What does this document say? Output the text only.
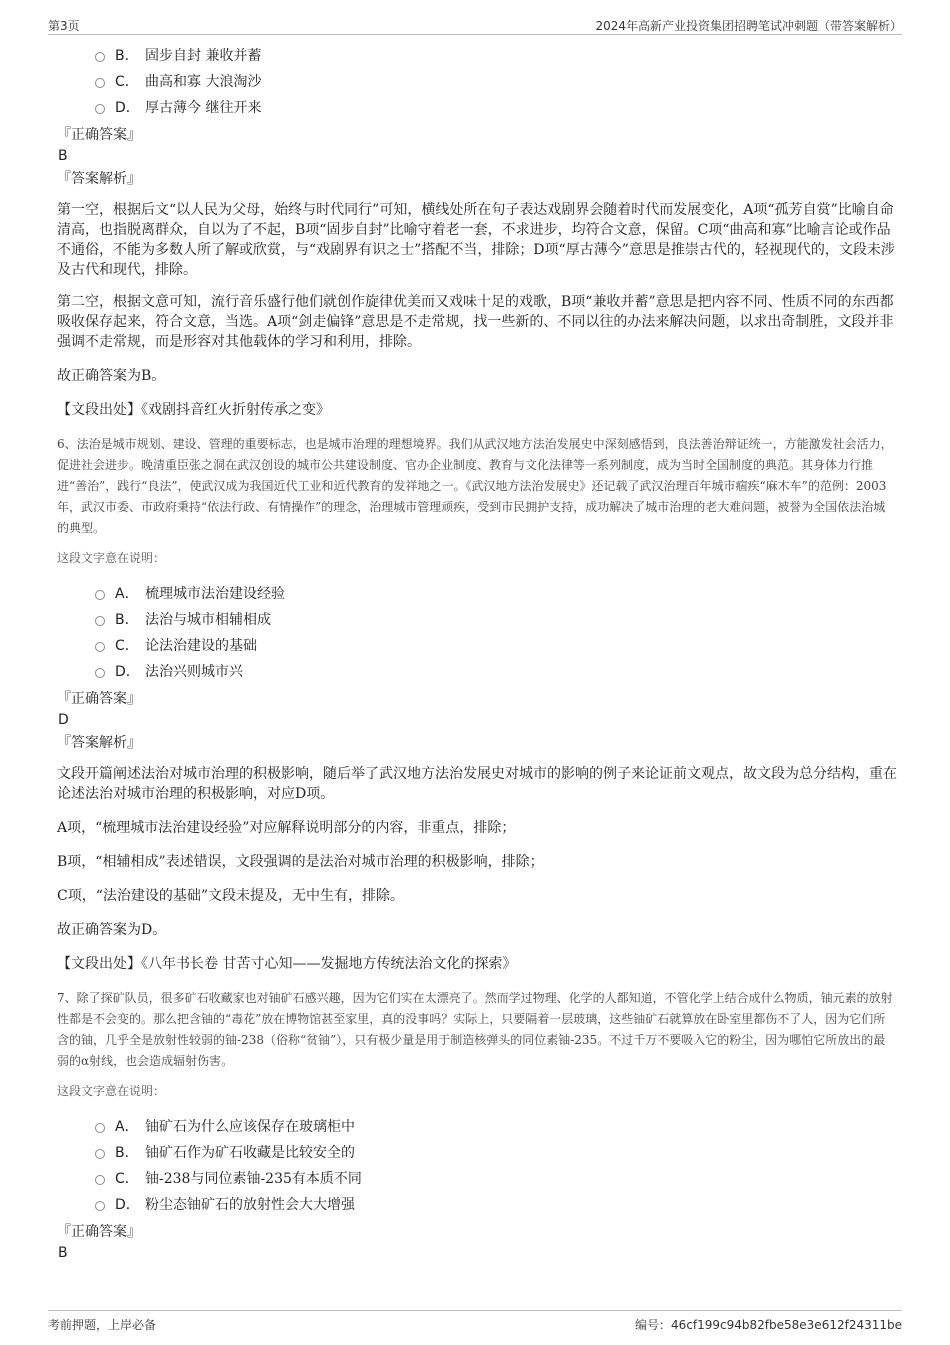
第3页	2024年高新产业投资集团招聘笔试冲刺题（带答案解析）
B． 固步自封 兼收并蓄
C． 曲高和寡 大浪淘沙
D． 厚古薄今 继往开来
『正确答案』
B
『答案解析』

第一空，根据后文“以人民为父母，始终与时代同行”可知，横线处所在句子表达戏剧界会随着时代而发展变化，A项“孤芳自赏”比喻自命清高，也指脱离群众，自以为了不起，B项“固步自封”比喻守着老一套，不求进步，均符合文意，保留。C项“曲高和寡”比喻言论或作品不通俗，不能为多数人所了解或欣赏，与“戏剧界有识之士”搭配不当，排除；D项“厚古薄今”意思是推崇古代的，轻视现代的，文段未涉及古代和现代，排除。

第二空，根据文意可知，流行音乐盛行他们就创作旋律优美而又戏味十足的戏歌，B项“兼收并蓄”意思是把内容不同、性质不同的东西都吸收保存起来，符合文意，当选。A项“剑走偏锋”意思是不走常规，找一些新的、不同以往的办法来解决问题，以求出奇制胜，文段并非强调不走常规，而是形容对其他载体的学习和利用，排除。

故正确答案为B。

【文段出处】《戏剧抖音红火折射传承之变》

6、法治是城市规划、建设、管理的重要标志，也是城市治理的理想境界。我们从武汉地方法治发展史中深刻感悟到，良法善治辩证统一，方能激发社会活力，促进社会进步。晚清重臣张之洞在武汉创设的城市公共建设制度、官办企业制度、教育与文化法律等一系列制度，成为当时全国制度的典范。其身体力行推进“善治”，践行“良法”，使武汉成为我国近代工业和近代教育的发祥地之一。《武汉地方法治发展史》还记载了武汉治理百年城市痼疾“麻木车”的范例：2003年，武汉市委、市政府秉持“依法行政、有情操作”的理念，治理城市管理顽疾，受到市民拥护支持，成功解决了城市治理的老大难问题，被誉为全国依法治城的典型。
这段文字意在说明：
A． 梳理城市法治建设经验
B． 法治与城市相辅相成
C． 论法治建设的基础
D． 法治兴则城市兴
『正确答案』
D
『答案解析』

文段开篇阐述法治对城市治理的积极影响，随后举了武汉地方法治发展史对城市的影响的例子来论证前文观点，故文段为总分结构，重在论述法治对城市治理的积极影响，对应D项。

A项，“梳理城市法治建设经验”对应解释说明部分的内容，非重点，排除；

B项，“相辅相成”表述错误，文段强调的是法治对城市治理的积极影响，排除；

C项，“法治建设的基础”文段未提及，无中生有，排除。

故正确答案为D。

【文段出处】《八年书长卷 甘苦寸心知——发掘地方传统法治文化的探索》

7、除了探矿队员，很多矿石收藏家也对铀矿石感兴趣，因为它们实在太漂亮了。然而学过物理、化学的人都知道，不管化学上结合成什么物质，铀元素的放射性都是不会变的。那么把含铀的“毒花”放在博物馆甚至家里，真的没事吗？实际上，只要隔着一层玻璃，这些铀矿石就算放在卧室里都伤不了人，因为它们所含的铀，几乎全是放射性较弱的铀-238（俗称“贫铀”），只有极少量是用于制造核弹头的同位素铀-235。不过千万不要吸入它的粉尘，因为哪怕它所放出的最弱的α射线，也会造成辐射伤害。
这段文字意在说明：
A． 铀矿石为什么应该保存在玻璃柜中
B． 铀矿石作为矿石收藏是比较安全的
C． 铀-238与同位素铀-235有本质不同
D． 粉尘态铀矿石的放射性会大大增强
『正确答案』
B
考前押题，上岸必备	编号：46cf199c94b82fbe58e3e612f24311be
